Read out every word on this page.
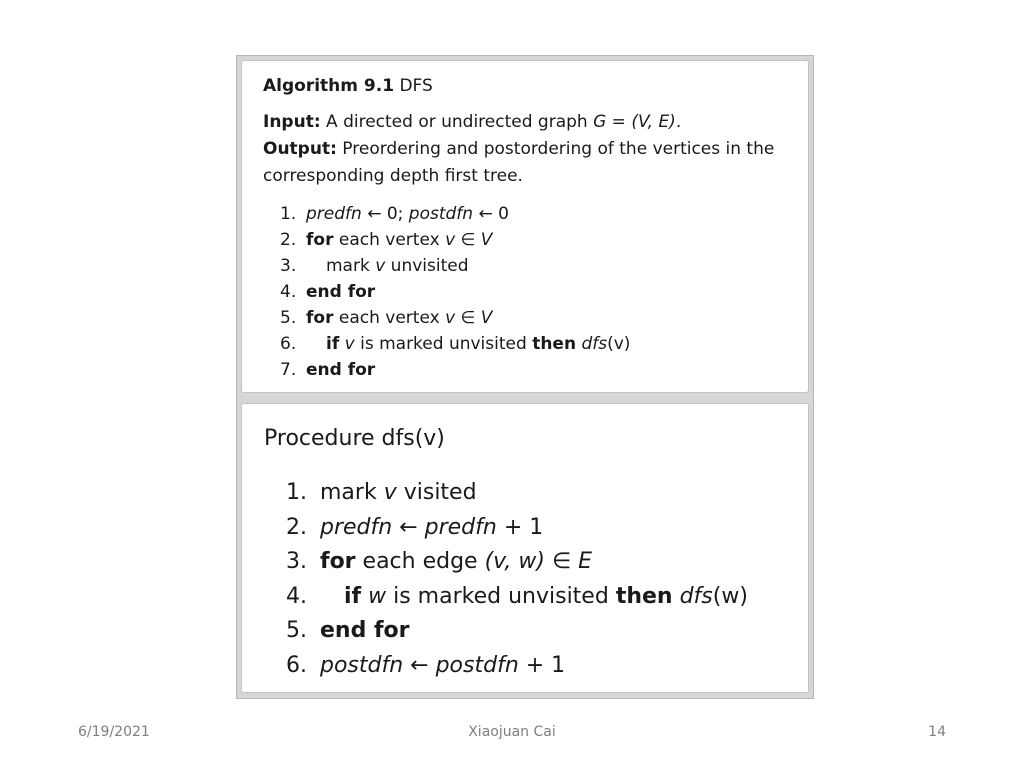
Algorithm 9.1 DFS
Input: A directed or undirected graph G = (V, E).
Output: Preordering and postordering of the vertices in the corresponding depth first tree.
1. predfn ← 0; postdfn ← 0
2. for each vertex v ∈ V
3. mark v unvisited
4. end for
5. for each vertex v ∈ V
6. if v is marked unvisited then dfs(v)
7. end for
Procedure dfs(v)
1. mark v visited
2. predfn ← predfn + 1
3. for each edge (v, w) ∈ E
4. if w is marked unvisited then dfs(w)
5. end for
6. postdfn ← postdfn + 1
6/19/2021	Xiaojuan Cai	14
